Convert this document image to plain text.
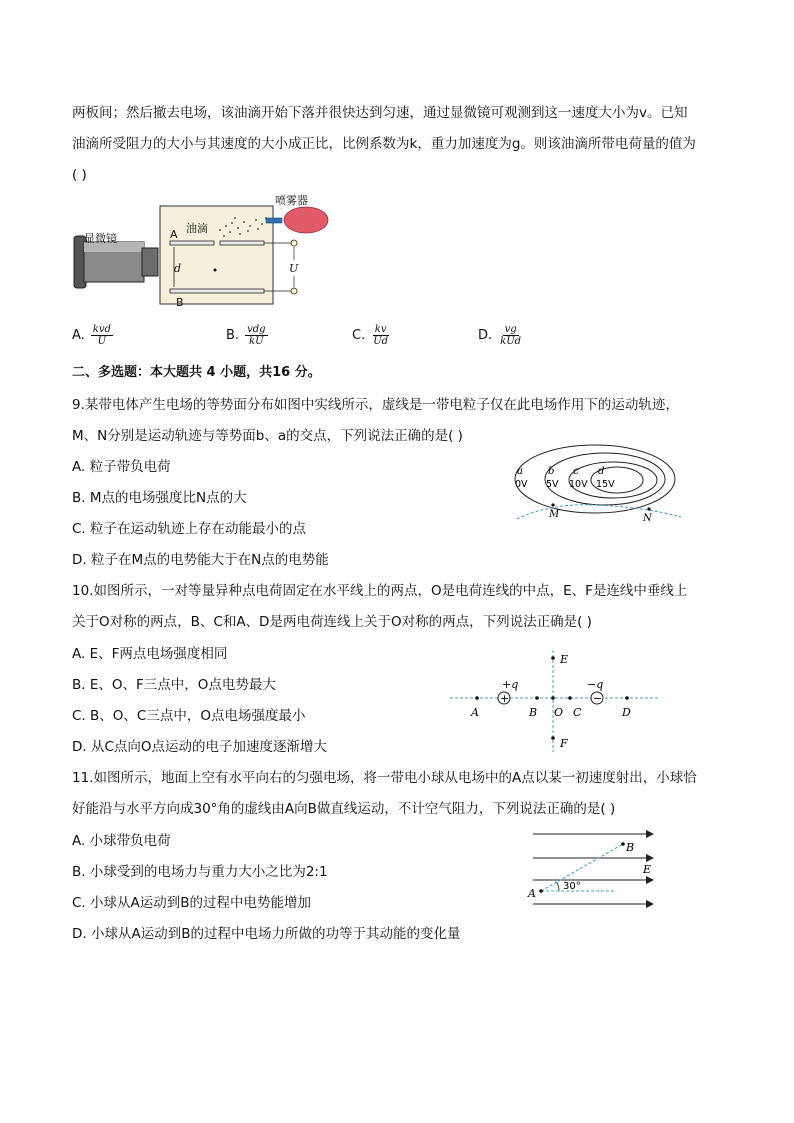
两板间；然后撤去电场，该油滴开始下落并很快达到匀速，通过显微镜可观测到这一速度大小为v。已知
油滴所受阻力的大小与其速度的大小成正比，比例系数为k，重力加速度为g。则该油滴所带电荷量的值为
( )
显微镜	A
B
d
油滴
喷雾器
U
A. $\frac{\text{kvd}}{U}$	B. $\frac{\text{vdg}}{kU}$	C. $\frac{kv}{Ud}$	D. $\frac{vg}{\text{kUd}}$
二、多选题：本大题共 4 小题，共16 分。
9.某带电体产生电场的等势面分布如图中实线所示，虚线是一带电粒子仅在此电场作用下的运动轨迹，
M、N分别是运动轨迹与等势面b、a的交点，下列说法正确的是( )
A. 粒子带负电荷
B. M点的电场强度比N点的大
C. 粒子在运动轨迹上存在动能最小的点
D. 粒子在M点的电势能大于在N点的电势能
a
0V
b
5V
c
10V
d
15V
M	N
10.如图所示，一对等量异种点电荷固定在水平线上的两点，O是电荷连线的中点，E、F是连线中垂线上
关于O对称的两点，B、C和A、D是两电荷连线上关于O对称的两点，下列说法正确是( )
A. E、F两点电场强度相同
B. E、O、F三点中，O点电势最大
C. B、O、C三点中，O点电场强度最小
D. 从C点向O点运动的电子加速度逐渐增大
+	−
+q	−q
A	B O C	D
E
F
11.如图所示，地面上空有水平向右的匀强电场，将一带电小球从电场中的A点以某一初速度射出，小球恰
好能沿与水平方向成30°角的虚线由A向B做直线运动，不计空气阻力，下列说法正确的是( )
A. 小球带负电荷
B. 小球受到的电场力与重力大小之比为2:1
C. 小球从A运动到B的过程中电势能增加
D. 小球从A运动到B的过程中电场力所做的功等于其动能的变化量
A
B
E
30°
